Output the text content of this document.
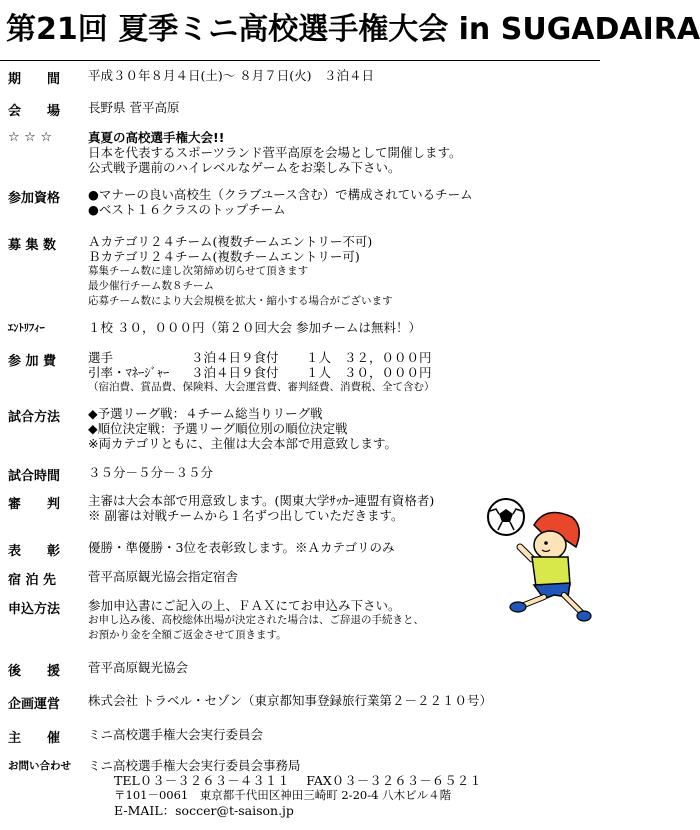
第21回 夏季ミニ高校選手権大会 in SUGADAIRA
期　　間 平成３０年８月４日(土)～ ８月７日(火)　３泊４日
会　　場 長野県 菅平高原
☆ ☆ ☆	真夏の高校選手権大会!!
日本を代表するスポーツランド菅平高原を会場として開催します。
公式戦予選前のハイレベルなゲームをお楽しみ下さい。
参加資格 ●マナーの良い高校生（クラブユース含む）で構成されているチーム
●ベスト１６クラスのトップチーム
募 集 数	Ａカテゴリ２４チーム(複数チームエントリー不可)
Ｂカテゴリ２４チーム(複数チームエントリー可)
募集チーム数に達し次第締め切らせて頂きます
最少催行チーム数８チーム
応募チーム数により大会規模を拡大・縮小する場合がございます
ｴﾝﾄﾘﾌｨｰ	１校 ３０，０００円（第２０回大会 参加チームは無料！）
参 加 費	選手	３泊４日９食付	１人	３２，０００円
引率・ﾏﾈｰｼﾞｬｰ	３泊４日９食付	１人	３０，０００円
（宿泊費、賞品費、保険料、大会運営費、審判経費、消費税、全て含む）
試合方法 ◆予選リーグ戦：４チーム総当りリーグ戦
◆順位決定戦：予選リーグ順位別の順位決定戦
※両カテゴリともに、主催は大会本部で用意致します。
試合時間 ３５分－５分－３５分
審　　判 主審は大会本部で用意致します。(関東大学ｻｯｶｰ連盟有資格者)
※ 副審は対戦チームから１名ずつ出していただきます。
表　　彰 優勝・準優勝・3位を表彰致します。※Ａカテゴリのみ
宿 泊 先	菅平高原観光協会指定宿舎
申込方法 参加申込書にご記入の上、ＦＡＸにてお申込み下さい。
お申し込み後、高校総体出場が決定された場合は、ご辞退の手続きと、
お預かり金を全額ご返金させて頂きます。
後　　援 菅平高原観光協会
企画運営 株式会社 トラベル・セゾン（東京都知事登録旅行業第２－２２１０号）
主　　催 ミニ高校選手権大会実行委員会
お問い合わせ ミニ高校選手権大会実行委員会事務局
TEL０３－３２６３－４３１１　 FAX０３－３２６３－６５２１
〒101－0061　東京都千代田区神田三崎町 2-20-4 八木ビル４階
E-MAIL：soccer@t-saison.jp
